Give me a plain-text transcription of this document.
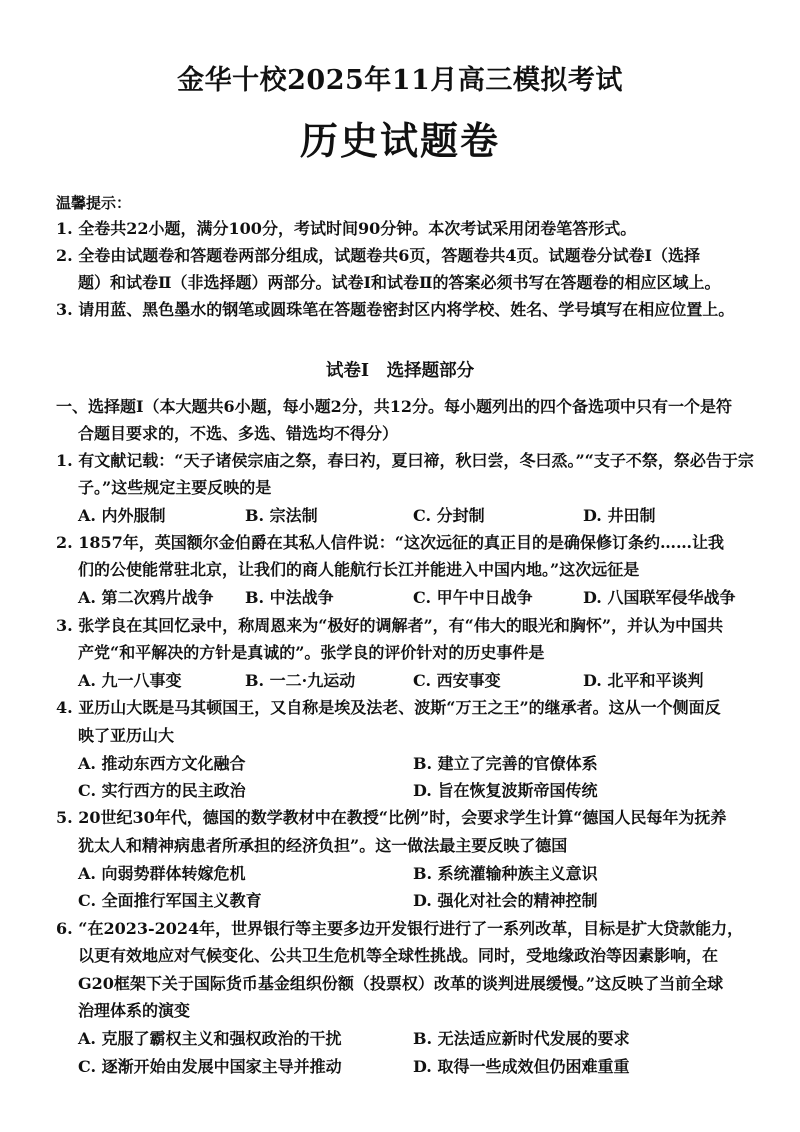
金华十校2025年11月高三模拟考试
历史试题卷
温馨提示：
1. 全卷共22小题，满分100分，考试时间90分钟。本次考试采用闭卷笔答形式。
2. 全卷由试题卷和答题卷两部分组成，试题卷共6页，答题卷共4页。试题卷分试卷Ⅰ（选择
题）和试卷Ⅱ（非选择题）两部分。试卷Ⅰ和试卷Ⅱ的答案必须书写在答题卷的相应区域上。
3. 请用蓝、黑色墨水的钢笔或圆珠笔在答题卷密封区内将学校、姓名、学号填写在相应位置上。
试卷Ⅰ　选择题部分
一、选择题Ⅰ（本大题共6小题，每小题2分，共12分。每小题列出的四个备选项中只有一个是符
合题目要求的，不选、多选、错选均不得分）
1. 有文献记载：“天子诸侯宗庙之祭，春曰礿，夏曰禘，秋曰尝，冬曰烝。”“支子不祭，祭必告于宗
子。”这些规定主要反映的是
A. 内外服制	B. 宗法制	C. 分封制	D. 井田制
2. 1857年，英国额尔金伯爵在其私人信件说：“这次远征的真正目的是确保修订条约……让我
们的公使能常驻北京，让我们的商人能航行长江并能进入中国内地。”这次远征是
A. 第二次鸦片战争 B. 中法战争	C. 甲午中日战争	D. 八国联军侵华战争
3. 张学良在其回忆录中，称周恩来为“极好的调解者”，有“伟大的眼光和胸怀”，并认为中国共
产党“和平解决的方针是真诚的”。张学良的评价针对的历史事件是
A. 九一八事变	B. 一二·九运动	C. 西安事变	D. 北平和平谈判
4. 亚历山大既是马其顿国王，又自称是埃及法老、波斯“万王之王”的继承者。这从一个侧面反
映了亚历山大
A. 推动东西方文化融合	B. 建立了完善的官僚体系
C. 实行西方的民主政治	D. 旨在恢复波斯帝国传统
5. 20世纪30年代，德国的数学教材中在教授“比例”时，会要求学生计算“德国人民每年为抚养
犹太人和精神病患者所承担的经济负担”。这一做法最主要反映了德国
A. 向弱势群体转嫁危机	B. 系统灌输种族主义意识
C. 全面推行军国主义教育	D. 强化对社会的精神控制
6. “在2023-2024年，世界银行等主要多边开发银行进行了一系列改革，目标是扩大贷款能力，
以更有效地应对气候变化、公共卫生危机等全球性挑战。同时，受地缘政治等因素影响，在
G20框架下关于国际货币基金组织份额（投票权）改革的谈判进展缓慢。”这反映了当前全球
治理体系的演变
A. 克服了霸权主义和强权政治的干扰	B. 无法适应新时代发展的要求
C. 逐渐开始由发展中国家主导并推动	D. 取得一些成效但仍困难重重
